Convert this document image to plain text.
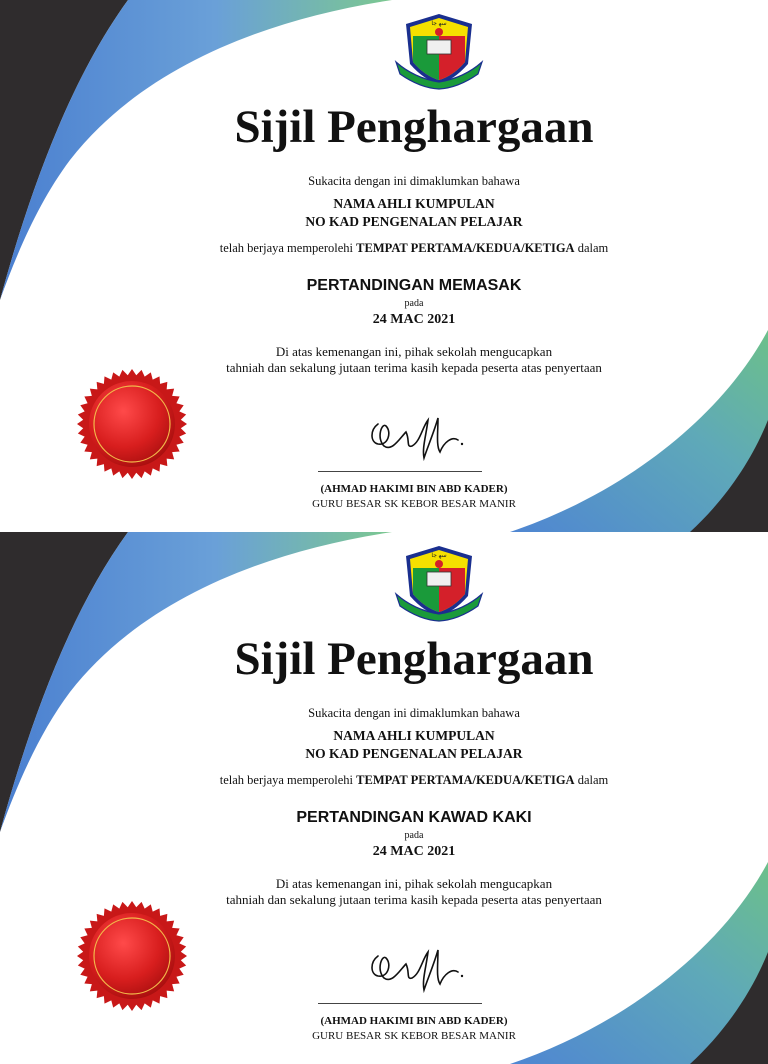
ﺳﻬ ﺟﺎ
Sijil Penghargaan
Sukacita dengan ini dimaklumkan bahawa
NAMA AHLI KUMPULAN
NO KAD PENGENALAN PELAJAR
telah berjaya memperolehi TEMPAT PERTAMA/KEDUA/KETIGA dalam
PERTANDINGAN MEMASAK
pada
24 MAC 2021
Di atas kemenangan ini, pihak sekolah mengucapkan
tahniah dan sekalung jutaan terima kasih kepada peserta atas penyertaan
(AHMAD HAKIMI BIN ABD KADER)
GURU BESAR SK KEBOR BESAR MANIR
ﺳﻬ ﺟﺎ
Sijil Penghargaan
Sukacita dengan ini dimaklumkan bahawa
NAMA AHLI KUMPULAN
NO KAD PENGENALAN PELAJAR
telah berjaya memperolehi TEMPAT PERTAMA/KEDUA/KETIGA dalam
PERTANDINGAN KAWAD KAKI
pada
24 MAC 2021
Di atas kemenangan ini, pihak sekolah mengucapkan
tahniah dan sekalung jutaan terima kasih kepada peserta atas penyertaan
(AHMAD HAKIMI BIN ABD KADER)
GURU BESAR SK KEBOR BESAR MANIR
